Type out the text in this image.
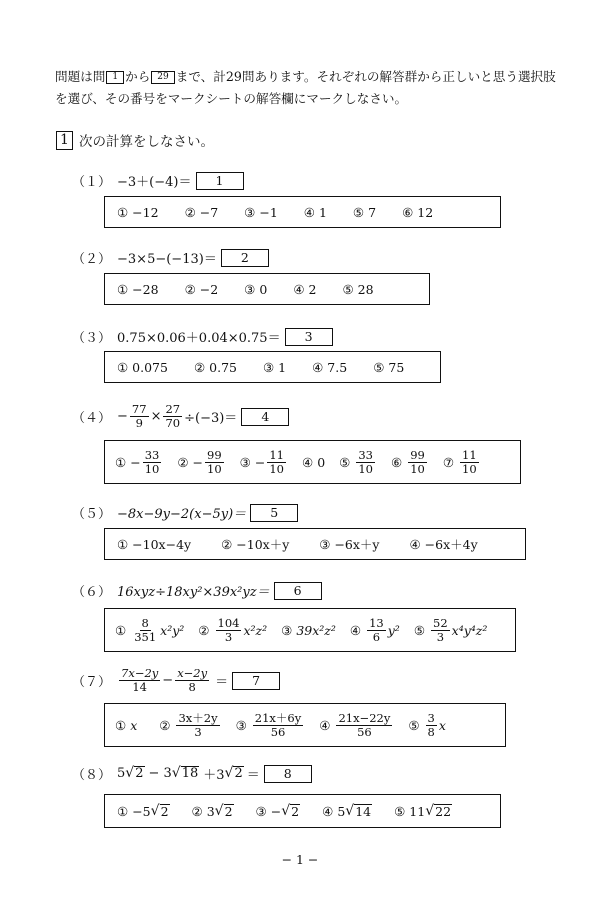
問題は問 1 から 29 まで、計29問あります。それぞれの解答群から正しいと思う選択肢
を選び、その番号をマークシートの解答欄にマークしなさい。
1 次の計算をしなさい。
（１） −3＋(−4)＝	1
① −12 ② −7 ③ −1 ④ 1 ⑤ 7 ⑥ 12
（２） −3×5−(−13)＝	2
① −28 ② −2 ③ 0 ④ 2 ⑤ 28
（３） 0.75×0.06＋0.04×0.75＝	3
① 0.075 ② 0.75 ③ 1 ④ 7.5 ⑤ 75
$(4) - \frac{77}{9} \times \frac{27}{70} \div(-3)=$	4
①
− $\frac{33}{10}$ ②
− $\frac{99}{10}$ ③
− $\frac{11}{10}$ ④
0 ⑤
$\frac{33}{10}$ ⑥
$\frac{99}{10}$ ⑦
$\frac{11}{10}$
（５） −8x−9y−2(x−5y)＝	5
① −10x−4y ② −10x＋y ③ −6x＋y ④ −6x＋4y
（６） 16xyz÷18xy²×39x²yz＝	6
①
$\frac{8}{351} x^2y^2$ ②
$\frac{104}{3} x^2z^2$ ③
39x²z² ④
$\frac{13}{6} y^2$ ⑤
$\frac{52}{3} x^4y^4z^2$
$(7) \frac{7x-2y}{14} - \frac{x-2y}{8}$ ＝	7
①
x ②
$\frac{3x+2y}{3}$ ③
$\frac{21x+6y}{56}$ ④
$\frac{21x-22y}{56}$ ⑤
$\frac{3}{8}$ x
（８） 5 √ 2 − 3 √ 18 ＋3 √ 2 ＝	8
①
−5 √ 2 ②
3 √ 2 ③
− √ 2 ④
5 √ 14 ⑤
11 √ 22
− 1 −
